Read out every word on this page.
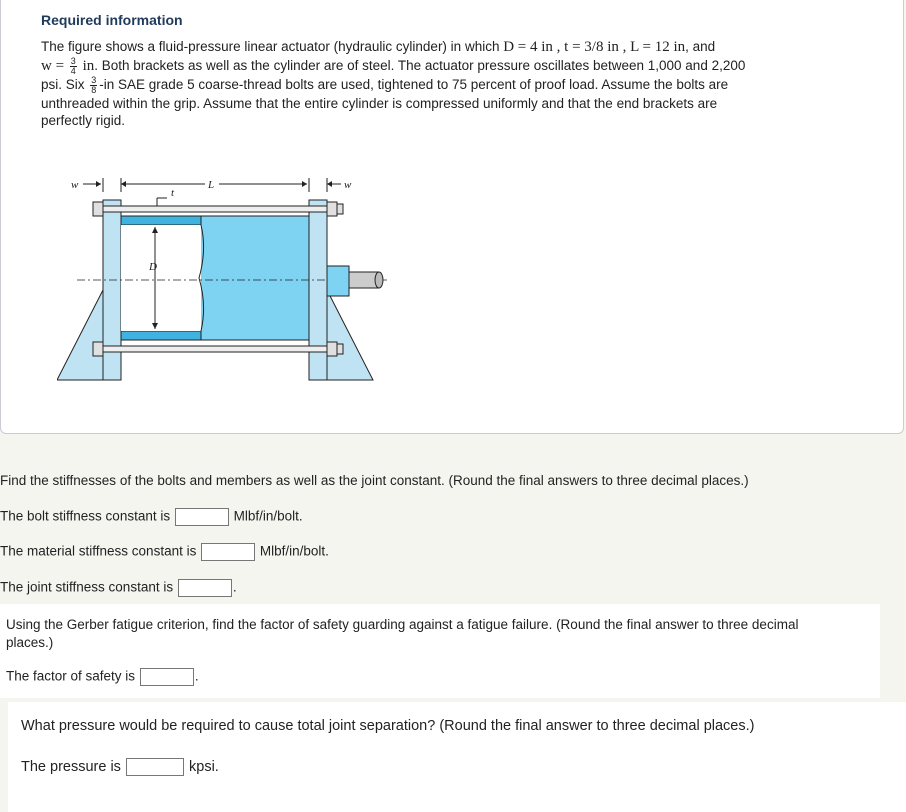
Required information
The figure shows a fluid-pressure linear actuator (hydraulic cylinder) in which D = 4 in , t = 3/8 in , L = 12 in, and
$w = \frac{3}{4}$ in. Both brackets as well as the cylinder are of steel. The actuator pressure oscillates between 1,000 and 2,200
psi. Six $\frac{3}{8} -in$ SAE grade 5 coarse-thread bolts are used, tightened to 75 percent of proof load. Assume the bolts are
unthreaded within the grip. Assume that the entire cylinder is compressed uniformly and that the end brackets are
perfectly rigid.
w	L	w
t
D
Find the stiffnesses of the bolts and members as well as the joint constant. (Round the final answers to three decimal places.)
The bolt stiffness constant is	Mlbf/in/bolt.
The material stiffness constant is	Mlbf/in/bolt.
The joint stiffness constant is	.
Using the Gerber fatigue criterion, find the factor of safety guarding against a fatigue failure. (Round the final answer to three decimal
places.)
The factor of safety is	.
What pressure would be required to cause total joint separation? (Round the final answer to three decimal places.)
The pressure is	kpsi.
